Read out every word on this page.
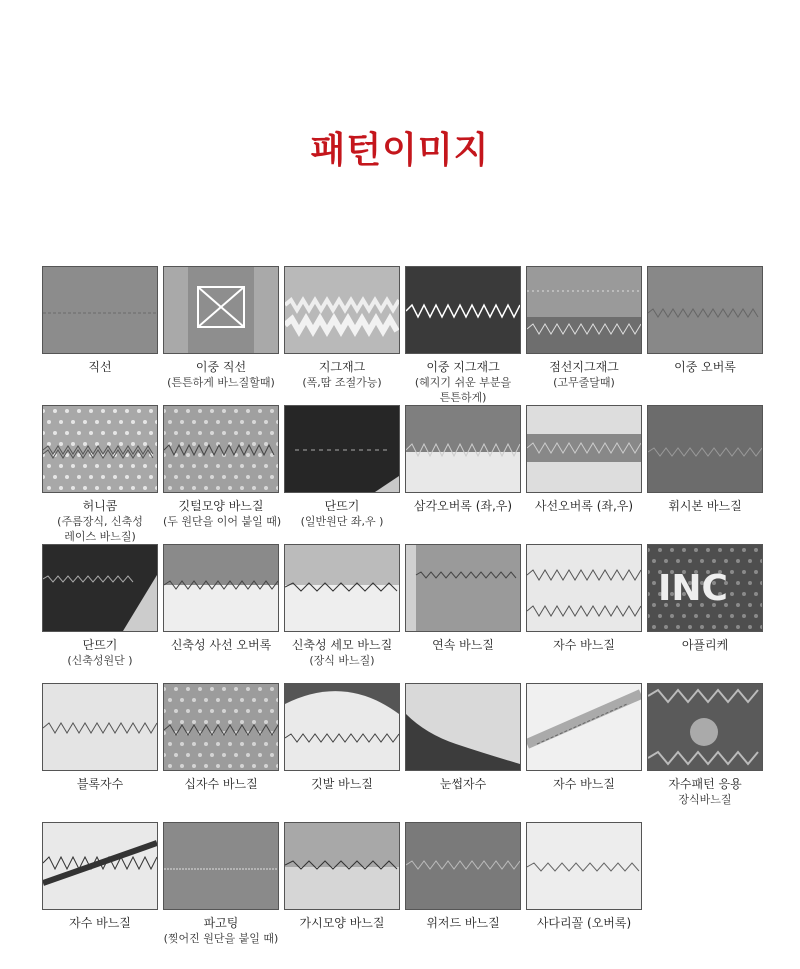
패턴이미지
직선	이중 직선
(튼튼하게 바느질할때)
지그재그
(폭,땀 조절가능)
이중 지그재그
(헤지기 쉬운 부분을
튼튼하게)
점선지그재그
(고무줄달때)
이중 오버록
허니콤
(주름장식, 신축성
레이스 바느질)
깃털모양 바느질
(두 원단을 이어 붙일 때)
단뜨기
(일반원단 좌,우 )
삼각오버록 (좌,우)	사선오버록 (좌,우)	휘시본 바느질
단뜨기
(신축성원단 )
신축성 사선 오버록	신축성 세모 바느질
(장식 바느질)
연속 바느질	자수 바느질
INC
아플리케
블록자수	십자수 바느질	깃발 바느질	눈썹자수	자수 바느질	자수패턴 응용
장식바느질
자수 바느질	파고팅
(찢어진 원단을 붙일 때)
가시모양 바느질	위저드 바느질	사다리꼴 (오버록)
